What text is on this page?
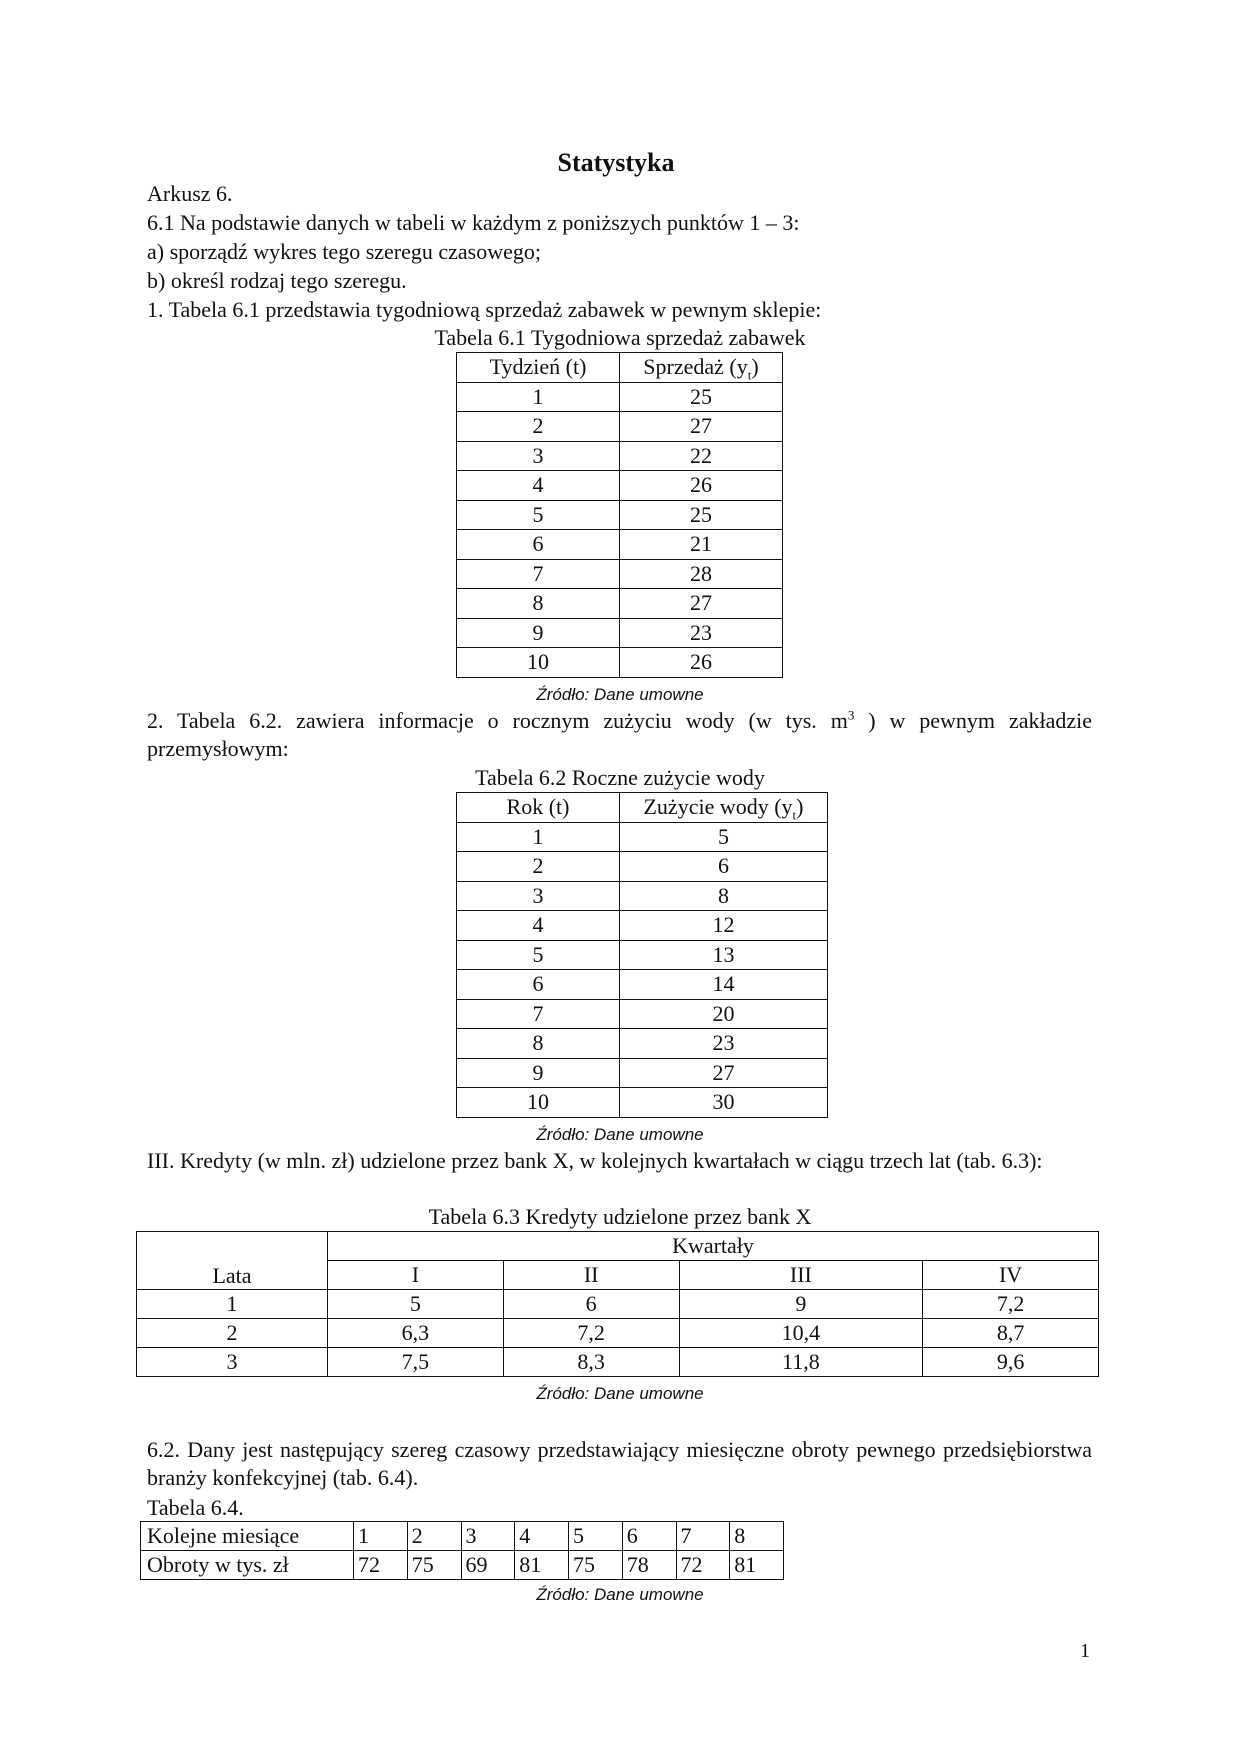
Statystyka
Arkusz 6.
6.1 Na podstawie danych w tabeli w każdym z poniższych punktów 1 – 3:
a) sporządź wykres tego szeregu czasowego;
b) określ rodzaj tego szeregu.
1. Tabela 6.1 przedstawia tygodniową sprzedaż zabawek w pewnym sklepie:
Tabela 6.1 Tygodniowa sprzedaż zabawek
Tydzień (t)	Sprzedaż $(y_t)$
1	25
2	27
3	22
4	26
5	25
6	21
7	28
8	27
9	23
10	26
Źródło: Dane umowne
2. Tabela 6.2. zawiera informacje o rocznym zużyciu wody (w tys. $m^3$ ) w pewnym zakładzie przemysłowym:
Tabela 6.2 Roczne zużycie wody
Rok (t)	Zużycie wody $(y_t)$
1	5
2	6
3	8
4	12
5	13
6	14
7	20
8	23
9	27
10	30
Źródło: Dane umowne
III. Kredyty (w mln. zł) udzielone przez bank X, w kolejnych kwartałach w ciągu trzech lat (tab. 6.3):
Tabela 6.3 Kredyty udzielone przez bank X
Lata	Kwartały			
	I	II	III	IV
1	5	6	9	7,2
2	6,3	7,2	10,4	8,7
3	7,5	8,3	11,8	9,6
Źródło: Dane umowne
6.2. Dany jest następujący szereg czasowy przedstawiający miesięczne obroty pewnego przedsiębiorstwa branży konfekcyjnej (tab. 6.4).
Tabela 6.4.
Kolejne miesiące	1	2	3	4	5	6	7	8
Obroty w tys. zł	72	75	69	81	75	78	72	81
Źródło: Dane umowne
1
